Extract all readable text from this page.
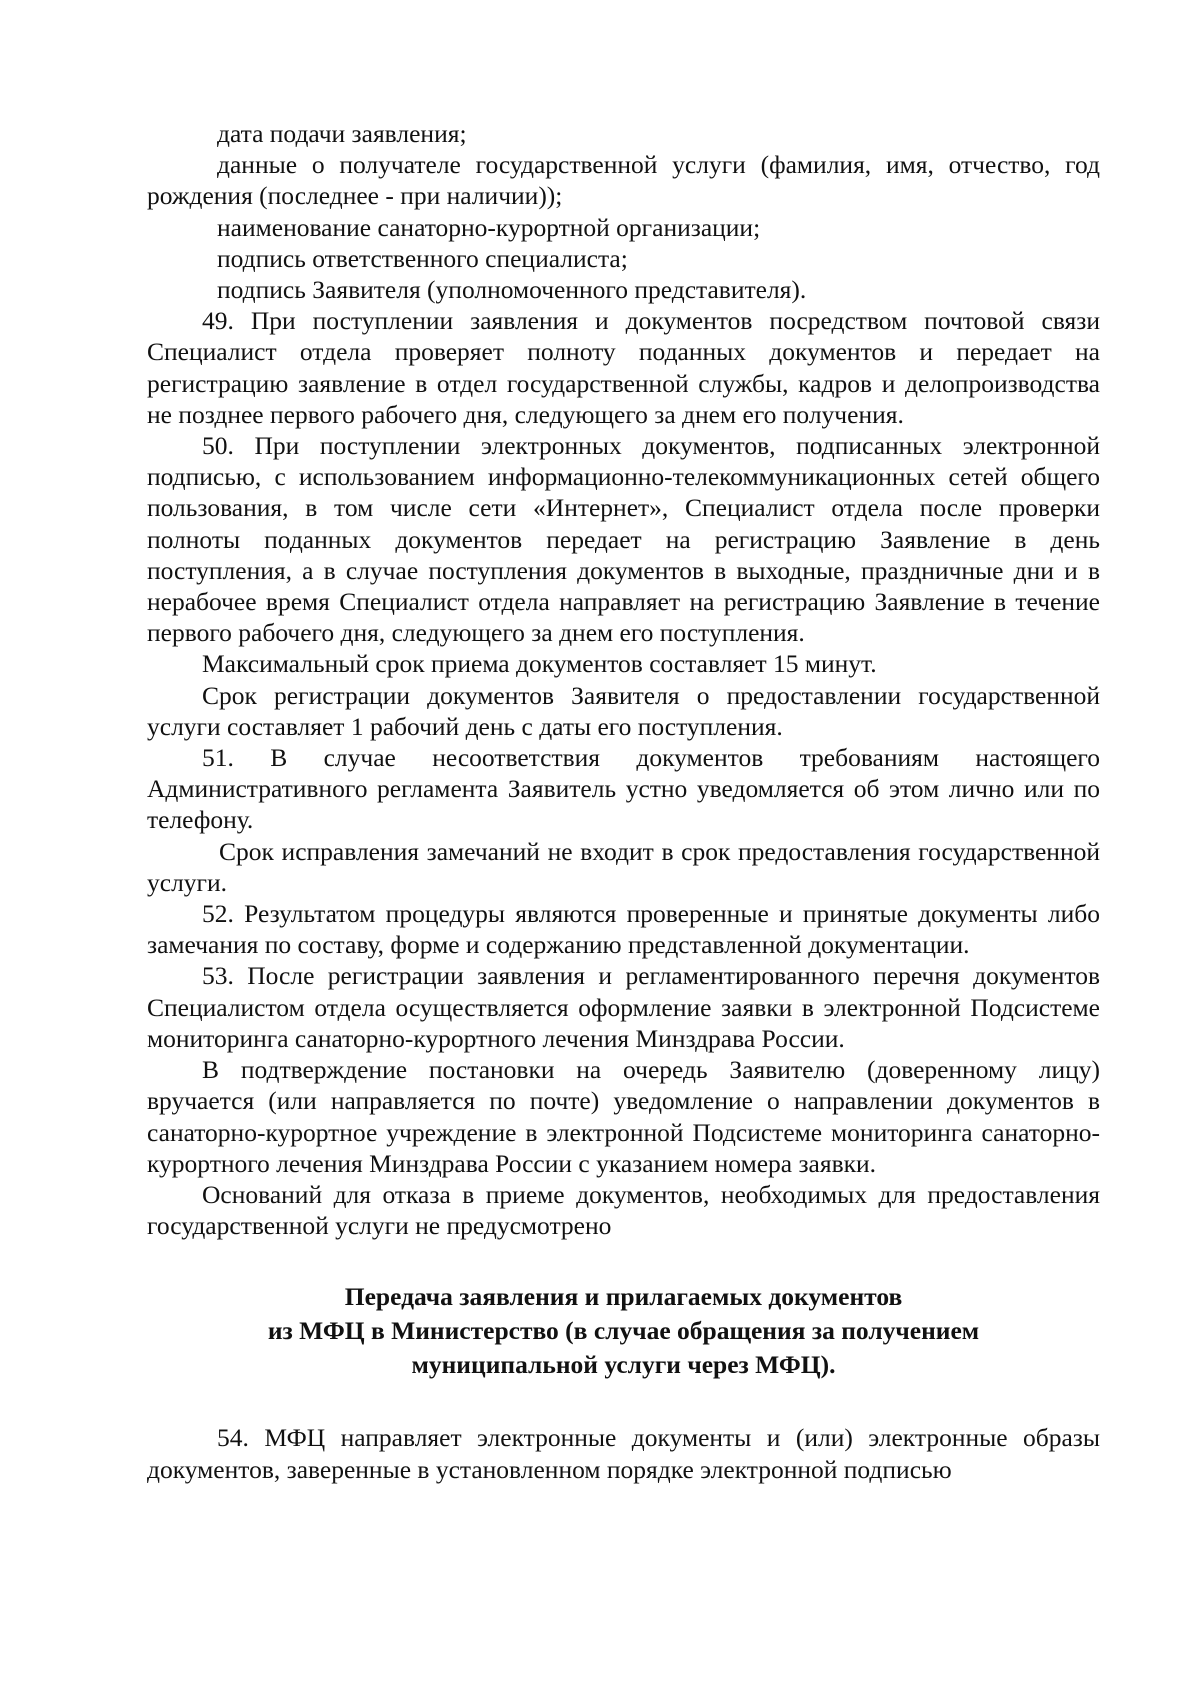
дата подачи заявления;

данные о получателе государственной услуги (фамилия, имя, отчество, год рождения (последнее - при наличии));

наименование санаторно-курортной организации;

подпись ответственного специалиста;

подпись Заявителя (уполномоченного представителя).

49. При поступлении заявления и документов посредством почтовой связи Специалист отдела проверяет полноту поданных документов и передает на регистрацию заявление в отдел государственной службы, кадров и делопроизводства не позднее первого рабочего дня, следующего за днем его получения.

50. При поступлении электронных документов, подписанных электронной подписью, с использованием информационно-телекоммуникационных сетей общего пользования, в том числе сети «Интернет», Специалист отдела после проверки полноты поданных документов передает на регистрацию Заявление в день поступления, а в случае поступления документов в выходные, праздничные дни и в нерабочее время Специалист отдела направляет на регистрацию Заявление в течение первого рабочего дня, следующего за днем его поступления.

Максимальный срок приема документов составляет 15 минут.

Срок регистрации документов Заявителя о предоставлении государственной услуги составляет 1 рабочий день с даты его поступления.

51. В случае несоответствия документов требованиям настоящего Административного регламента Заявитель устно уведомляется об этом лично или по телефону.

Срок исправления замечаний не входит в срок предоставления государственной услуги.

52. Результатом процедуры являются проверенные и принятые документы либо замечания по составу, форме и содержанию представленной документации.

53. После регистрации заявления и регламентированного перечня документов Специалистом отдела осуществляется оформление заявки в электронной Подсистеме мониторинга санаторно-курортного лечения Минздрава России.

В подтверждение постановки на очередь Заявителю (доверенному лицу) вручается (или направляется по почте) уведомление о направлении документов в санаторно-курортное учреждение в электронной Подсистеме мониторинга санаторно-курортного лечения Минздрава России с указанием номера заявки.

Оснований для отказа в приеме документов, необходимых для предоставления государственной услуги не предусмотрено

Передача заявления и прилагаемых документов

из МФЦ в Министерство (в случае обращения за получением

муниципальной услуги через МФЦ).

54. МФЦ направляет электронные документы и (или) электронные образы документов, заверенные в установленном порядке электронной подписью
